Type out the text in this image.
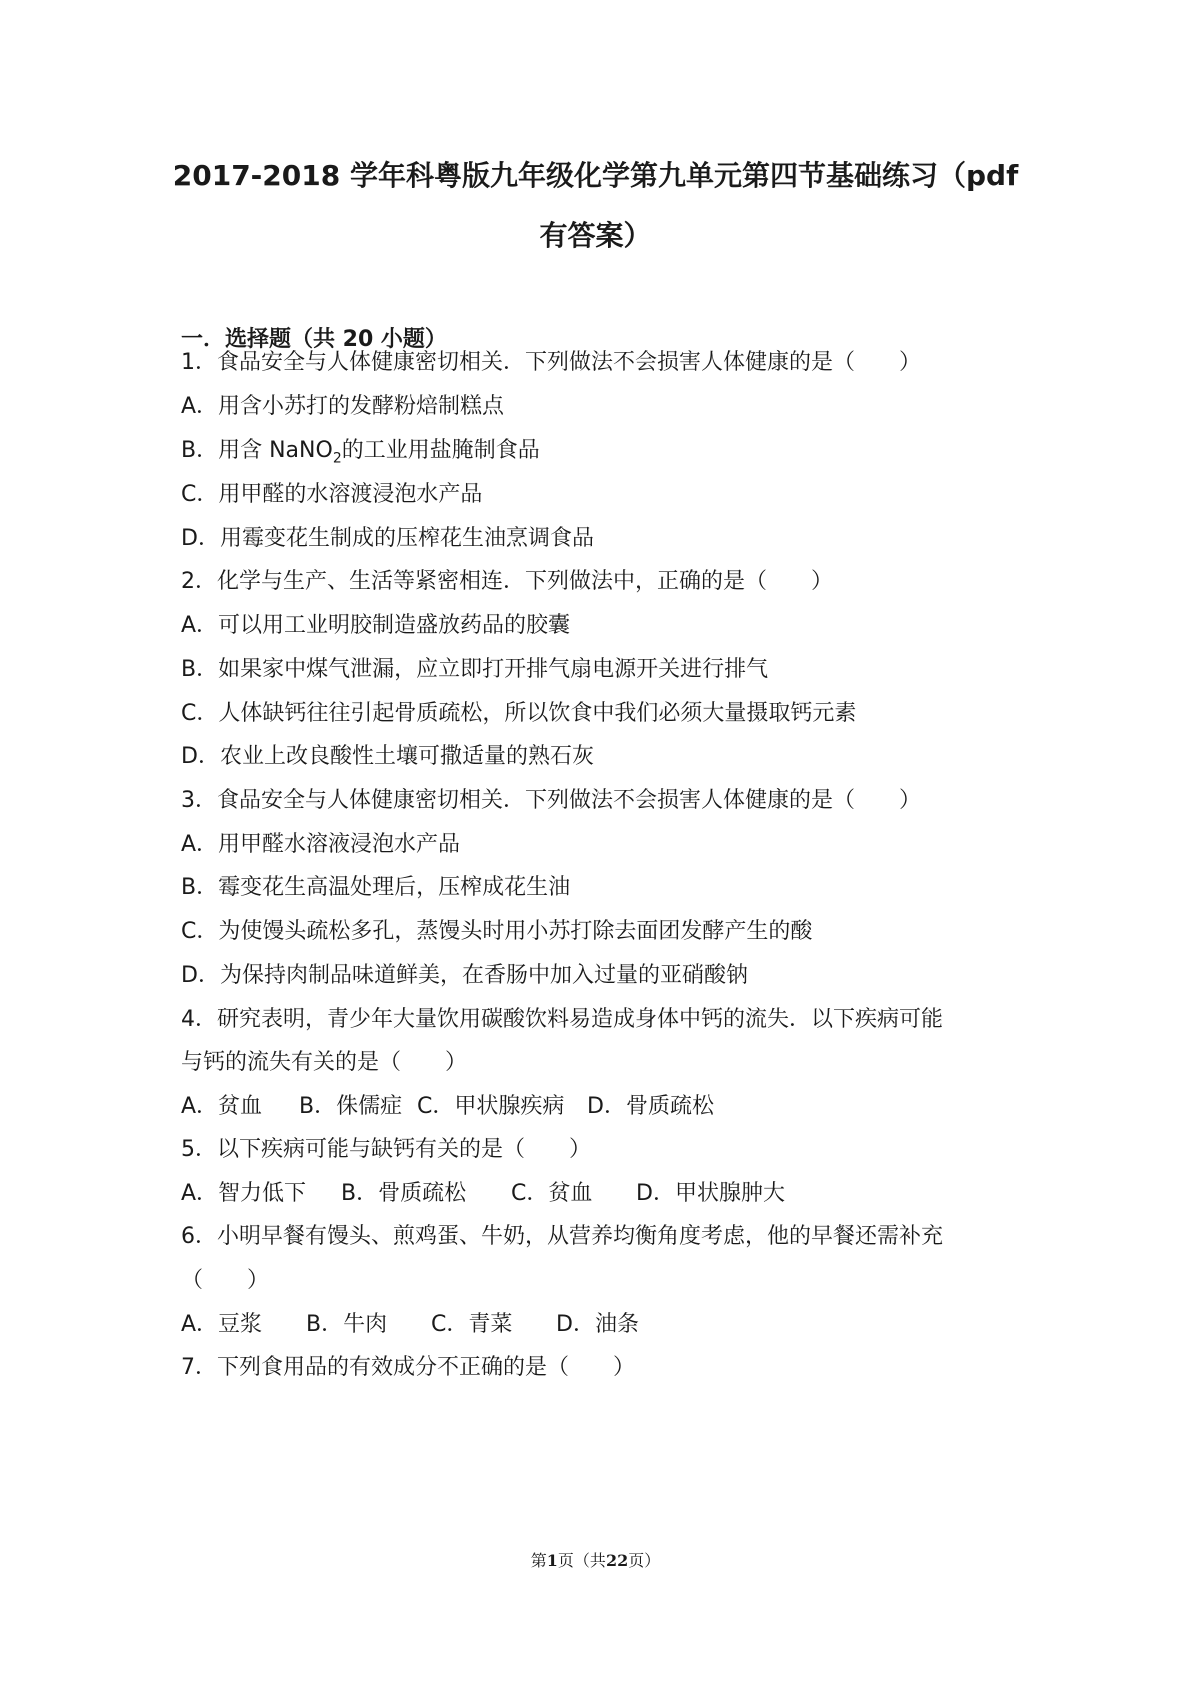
2017-2018 学年科粤版九年级化学第九单元第四节基础练习（pdf
有答案）
一．选择题（共 20 小题）
1．食品安全与人体健康密切相关．下列做法不会损害人体健康的是（　　）
A．用含小苏打的发酵粉焙制糕点
B．用含 NaNO$_2$的工业用盐腌制食品
C．用甲醛的水溶渡浸泡水产品
D．用霉变花生制成的压榨花生油烹调食品
2．化学与生产、生活等紧密相连．下列做法中，正确的是（　　）
A．可以用工业明胶制造盛放药品的胶囊
B．如果家中煤气泄漏，应立即打开排气扇电源开关进行排气
C．人体缺钙往往引起骨质疏松，所以饮食中我们必须大量摄取钙元素
D．农业上改良酸性土壤可撒适量的熟石灰
3．食品安全与人体健康密切相关．下列做法不会损害人体健康的是（　　）
A．用甲醛水溶液浸泡水产品
B．霉变花生高温处理后，压榨成花生油
C．为使馒头疏松多孔，蒸馒头时用小苏打除去面团发酵产生的酸
D．为保持肉制品味道鲜美，在香肠中加入过量的亚硝酸钠
4．研究表明，青少年大量饮用碳酸饮料易造成身体中钙的流失．以下疾病可能
与钙的流失有关的是（　　）
A．贫血 B．侏儒症 C．甲状腺疾病 D．骨质疏松
5．以下疾病可能与缺钙有关的是（　　）
A．智力低下 B．骨质疏松 C．贫血 D．甲状腺肿大
6．小明早餐有馒头、煎鸡蛋、牛奶，从营养均衡角度考虑，他的早餐还需补充
（　　）
A．豆浆 B．牛肉 C．青菜 D．油条
7．下列食用品的有效成分不正确的是（　　）
第1页（共22页）
